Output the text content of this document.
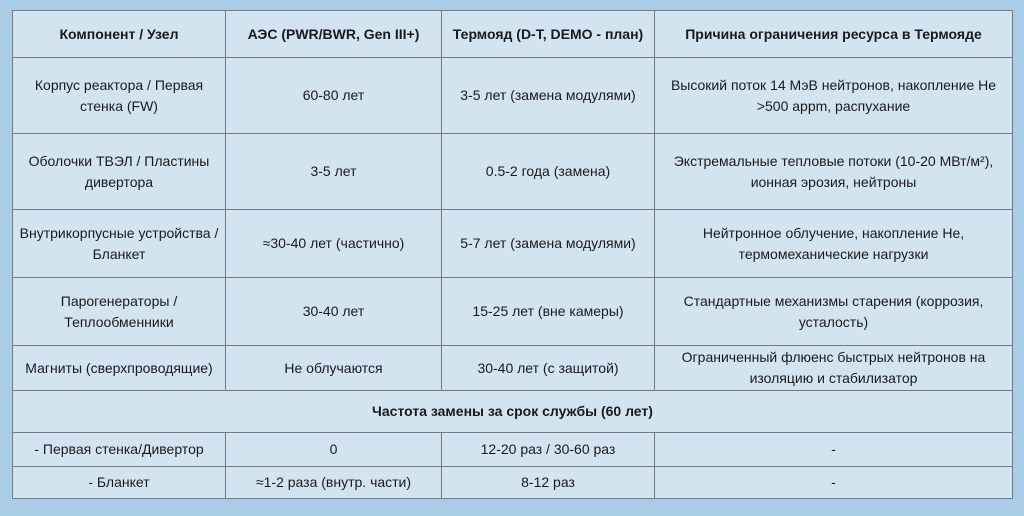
Компонент / Узел	АЭС (PWR/BWR, Gen III+)	Термояд (D-T, DEMO - план)	Причина ограничения ресурса в Термояде
Корпус реактора / Первая стенка (FW)	60-80 лет	3-5 лет (замена модулями)	Высокий поток 14 МэВ нейтронов, накопление He >500 appm, распухание
Оболочки ТВЭЛ / Пластины дивертора	3-5 лет	0.5-2 года (замена)	Экстремальные тепловые потоки (10-20 МВт/м²), ионная эрозия, нейтроны
Внутрикорпусные устройства / Бланкет	≈30-40 лет (частично)	5-7 лет (замена модулями)	Нейтронное облучение, накопление He, термомеханические нагрузки
Парогенераторы / Теплообменники	30-40 лет	15-25 лет (вне камеры)	Стандартные механизмы старения (коррозия, усталость)
Магниты (сверхпроводящие)	Не облучаются	30-40 лет (с защитой)	Ограниченный флюенс быстрых нейтронов на изоляцию и стабилизатор
Частота замены за срок службы (60 лет)			
- Первая стенка/Дивертор	0	12-20 раз / 30-60 раз	-
- Бланкет	≈1-2 раза (внутр. части)	8-12 раз	-
